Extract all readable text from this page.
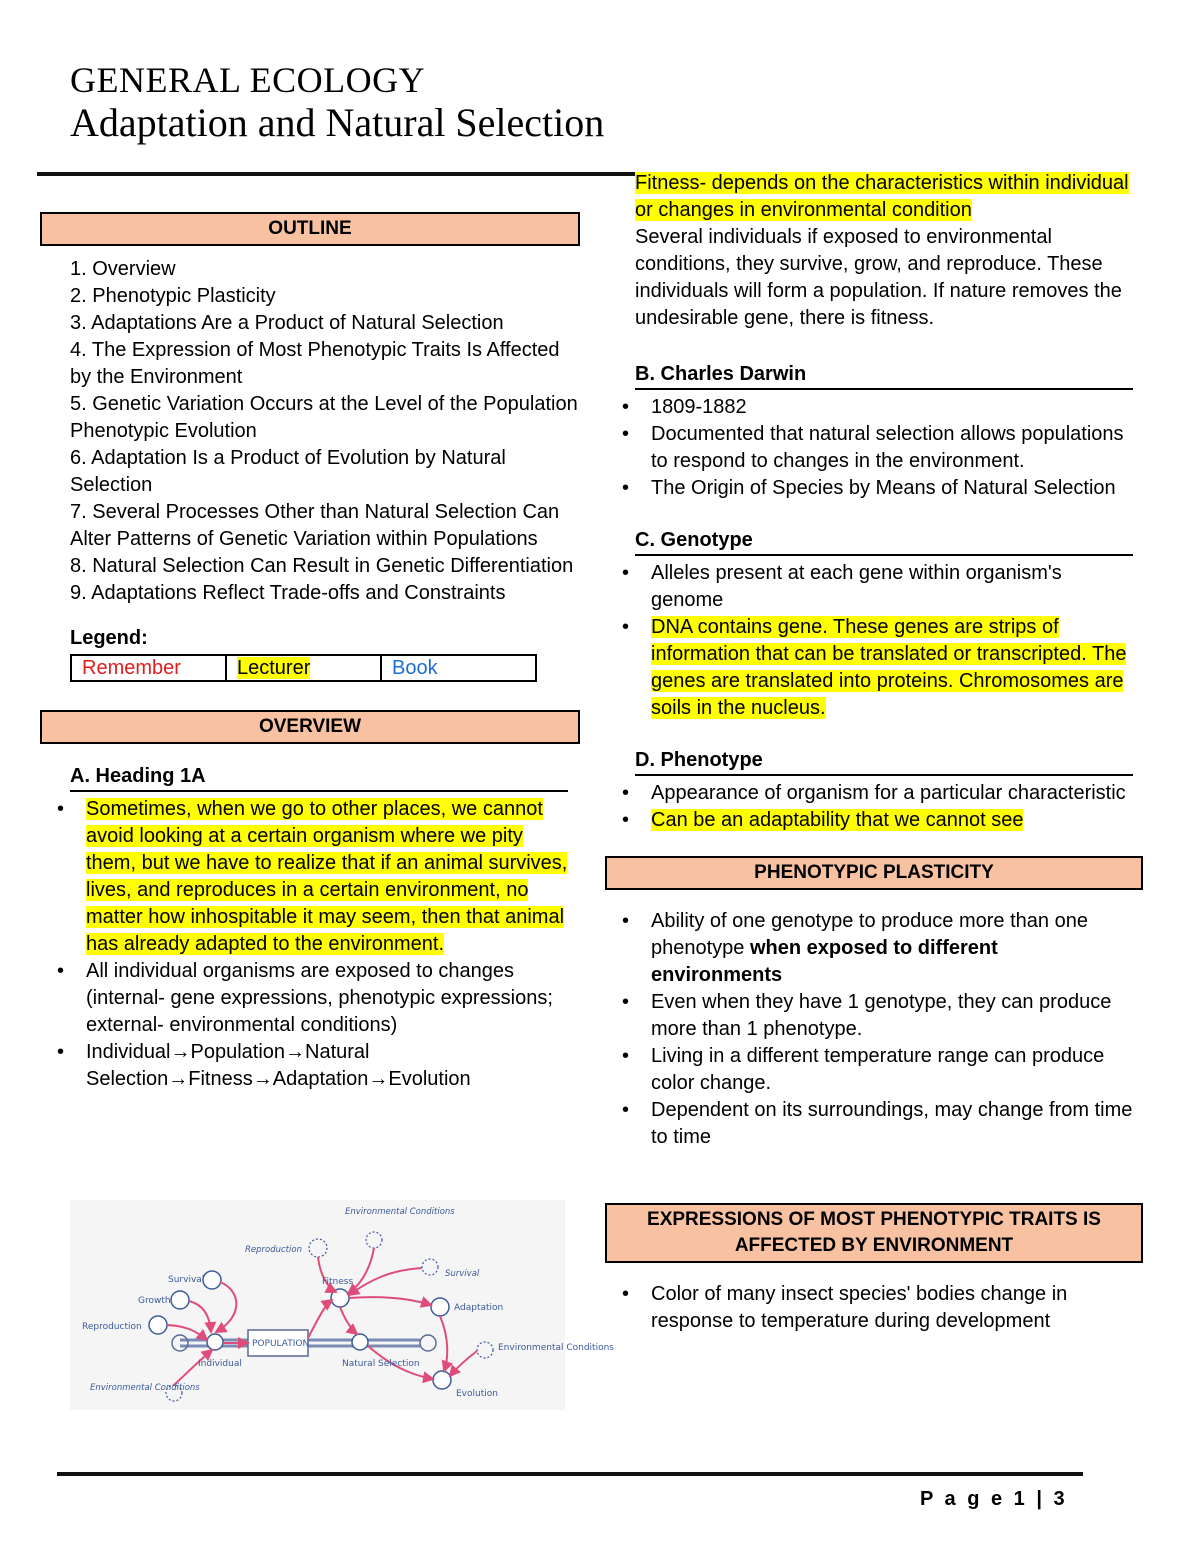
GENERAL ECOLOGY
Adaptation and Natural Selection
OUTLINE
1. Overview
2. Phenotypic Plasticity
3. Adaptations Are a Product of Natural Selection
4. The Expression of Most Phenotypic Traits Is Affected by the Environment
5. Genetic Variation Occurs at the Level of the Population
Phenotypic Evolution
6. Adaptation Is a Product of Evolution by Natural Selection
7. Several Processes Other than Natural Selection Can Alter Patterns of Genetic Variation within Populations
8. Natural Selection Can Result in Genetic Differentiation
9. Adaptations Reflect Trade-offs and Constraints
Legend:
Remember	Lecturer	Book
OVERVIEW
A. Heading 1A
• Sometimes, when we go to other places, we cannot avoid looking at a certain organism where we pity them, but we have to realize that if an animal survives, lives, and reproduces in a certain environment, no matter how inhospitable it may seem, then that animal has already adapted to the environment.
• All individual organisms are exposed to changes (internal- gene expressions, phenotypic expressions; external- environmental conditions)
• Individual→Population→Natural Selection→Fitness→Adaptation→Evolution
Environmental Conditions
Reproduction
Fitness
Survival
Growth
Reproduction
POPULATION
Adaptation
Environmental Conditions
Individual	Natural Selection
Evolution
Environmental Conditions
Survival
Fitness- depends on the characteristics within individual or changes in environmental condition
Several individuals if exposed to environmental conditions, they survive, grow, and reproduce. These individuals will form a population. If nature removes the undesirable gene, there is fitness.
B. Charles Darwin
• 1809-1882
• Documented that natural selection allows populations to respond to changes in the environment.
• The Origin of Species by Means of Natural Selection
C. Genotype
• Alleles present at each gene within organism's genome
• DNA contains gene. These genes are strips of information that can be translated or transcripted. The genes are translated into proteins. Chromosomes are soils in the nucleus.
D. Phenotype
• Appearance of organism for a particular characteristic
• Can be an adaptability that we cannot see
PHENOTYPIC PLASTICITY
• Ability of one genotype to produce more than one phenotype when exposed to different environments
• Even when they have 1 genotype, they can produce more than 1 phenotype.
• Living in a different temperature range can produce color change.
• Dependent on its surroundings, may change from time to time
EXPRESSIONS OF MOST PHENOTYPIC TRAITS IS AFFECTED BY ENVIRONMENT
• Color of many insect species' bodies change in response to temperature during development
P a g e 1 | 3
